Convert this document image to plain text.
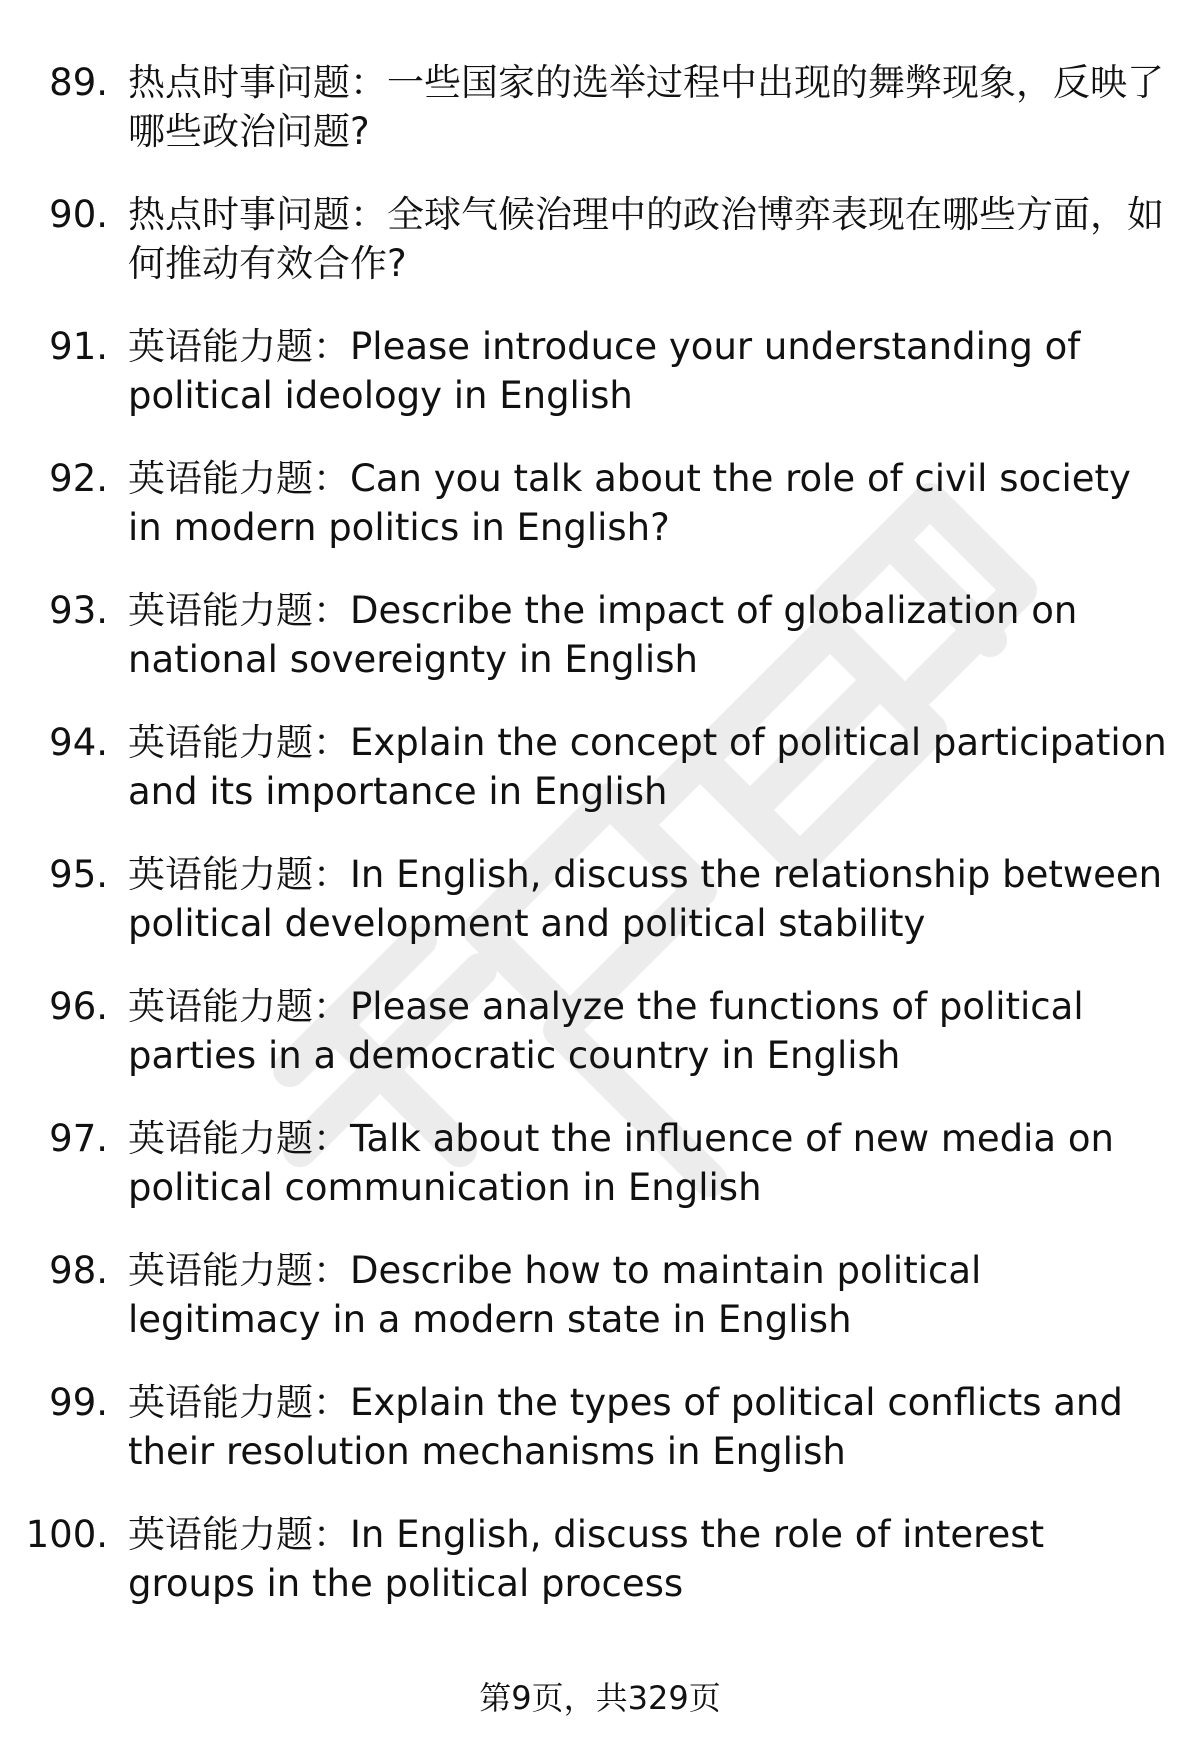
89. 热点时事问题：一些国家的选举过程中出现的舞弊现象，反映了哪些政治问题?
90. 热点时事问题：全球气候治理中的政治博弈表现在哪些方面，如何推动有效合作?
91. 英语能力题：Please introduce your understanding of political ideology in English
92. 英语能力题：Can you talk about the role of civil society in modern politics in English?
93. 英语能力题：Describe the impact of globalization on national sovereignty in English
94. 英语能力题：Explain the concept of political participation and its importance in English
95. 英语能力题：In English, discuss the relationship between political development and political stability
96. 英语能力题：Please analyze the functions of political parties in a democratic country in English
97. 英语能力题：Talk about the influence of new media on political communication in English
98. 英语能力题：Describe how to maintain political legitimacy in a modern state in English
99. 英语能力题：Explain the types of political conflicts and their resolution mechanisms in English
100. 英语能力题：In English, discuss the role of interest groups in the political process
第9页，共329页
